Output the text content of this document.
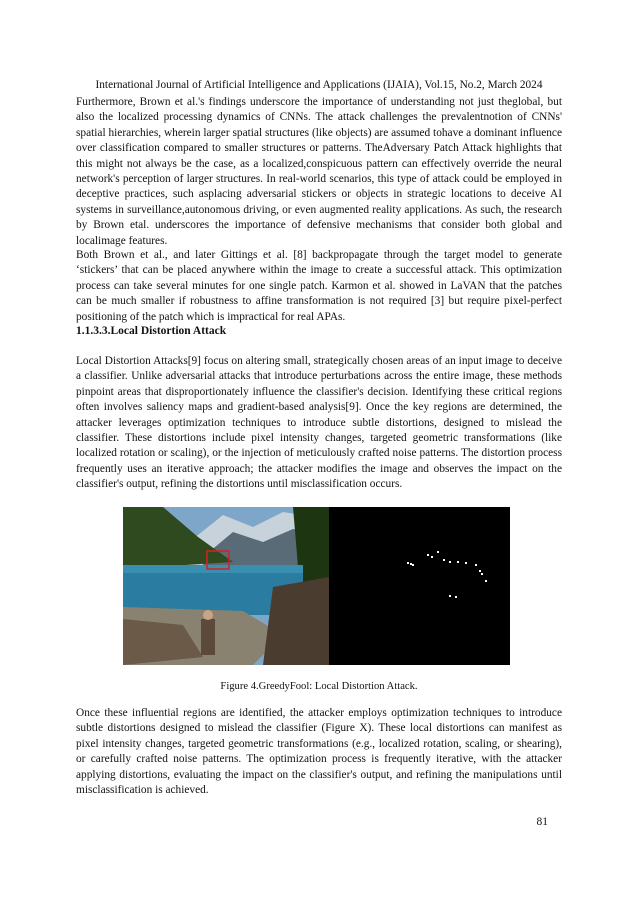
International Journal of Artificial Intelligence and Applications (IJAIA), Vol.15, No.2, March 2024

Furthermore, Brown et al.'s findings underscore the importance of understanding not just theglobal, but also the localized processing dynamics of CNNs. The attack challenges the prevalentnotion of CNNs' spatial hierarchies, wherein larger spatial structures (like objects) are assumed tohave a dominant influence over classification compared to smaller structures or patterns. TheAdversary Patch Attack highlights that this might not always be the case, as a localized,conspicuous pattern can effectively override the neural network's perception of larger structures. In real-world scenarios, this type of attack could be employed in deceptive practices, such asplacing adversarial stickers or objects in strategic locations to deceive AI systems in surveillance,autonomous driving, or even augmented reality applications. As such, the research by Brown etal. underscores the importance of defensive mechanisms that consider both global and localimage features.

Both Brown et al., and later Gittings et al. [8] backpropagate through the target model to generate ‘stickers’ that can be placed anywhere within the image to create a successful attack. This optimization process can take several minutes for one single patch. Karmon et al. showed in LaVAN that the patches can be much smaller if robustness to affine transformation is not required [3] but require pixel-perfect positioning of the patch which is impractical for real APAs.

1.1.3.3.Local Distortion Attack

Local Distortion Attacks[9] focus on altering small, strategically chosen areas of an input image to deceive a classifier. Unlike adversarial attacks that introduce perturbations across the entire image, these methods pinpoint areas that disproportionately influence the classifier's decision. Identifying these critical regions often involves saliency maps and gradient-based analysis[9]. Once the key regions are determined, the attacker leverages optimization techniques to introduce subtle distortions, designed to mislead the classifier. These distortions include pixel intensity changes, targeted geometric transformations (like localized rotation or scaling), or the injection of meticulously crafted noise patterns. The distortion process frequently uses an iterative approach; the attacker modifies the image and observes the impact on the classifier's output, refining the distortions until misclassification occurs.

Figure 4.GreedyFool: Local Distortion Attack.

Once these influential regions are identified, the attacker employs optimization techniques to introduce subtle distortions designed to mislead the classifier (Figure X). These local distortions can manifest as pixel intensity changes, targeted geometric transformations (e.g., localized rotation, scaling, or shearing), or carefully crafted noise patterns. The optimization process is frequently iterative, with the attacker applying distortions, evaluating the impact on the classifier's output, and refining the manipulations until misclassification is achieved.

81
